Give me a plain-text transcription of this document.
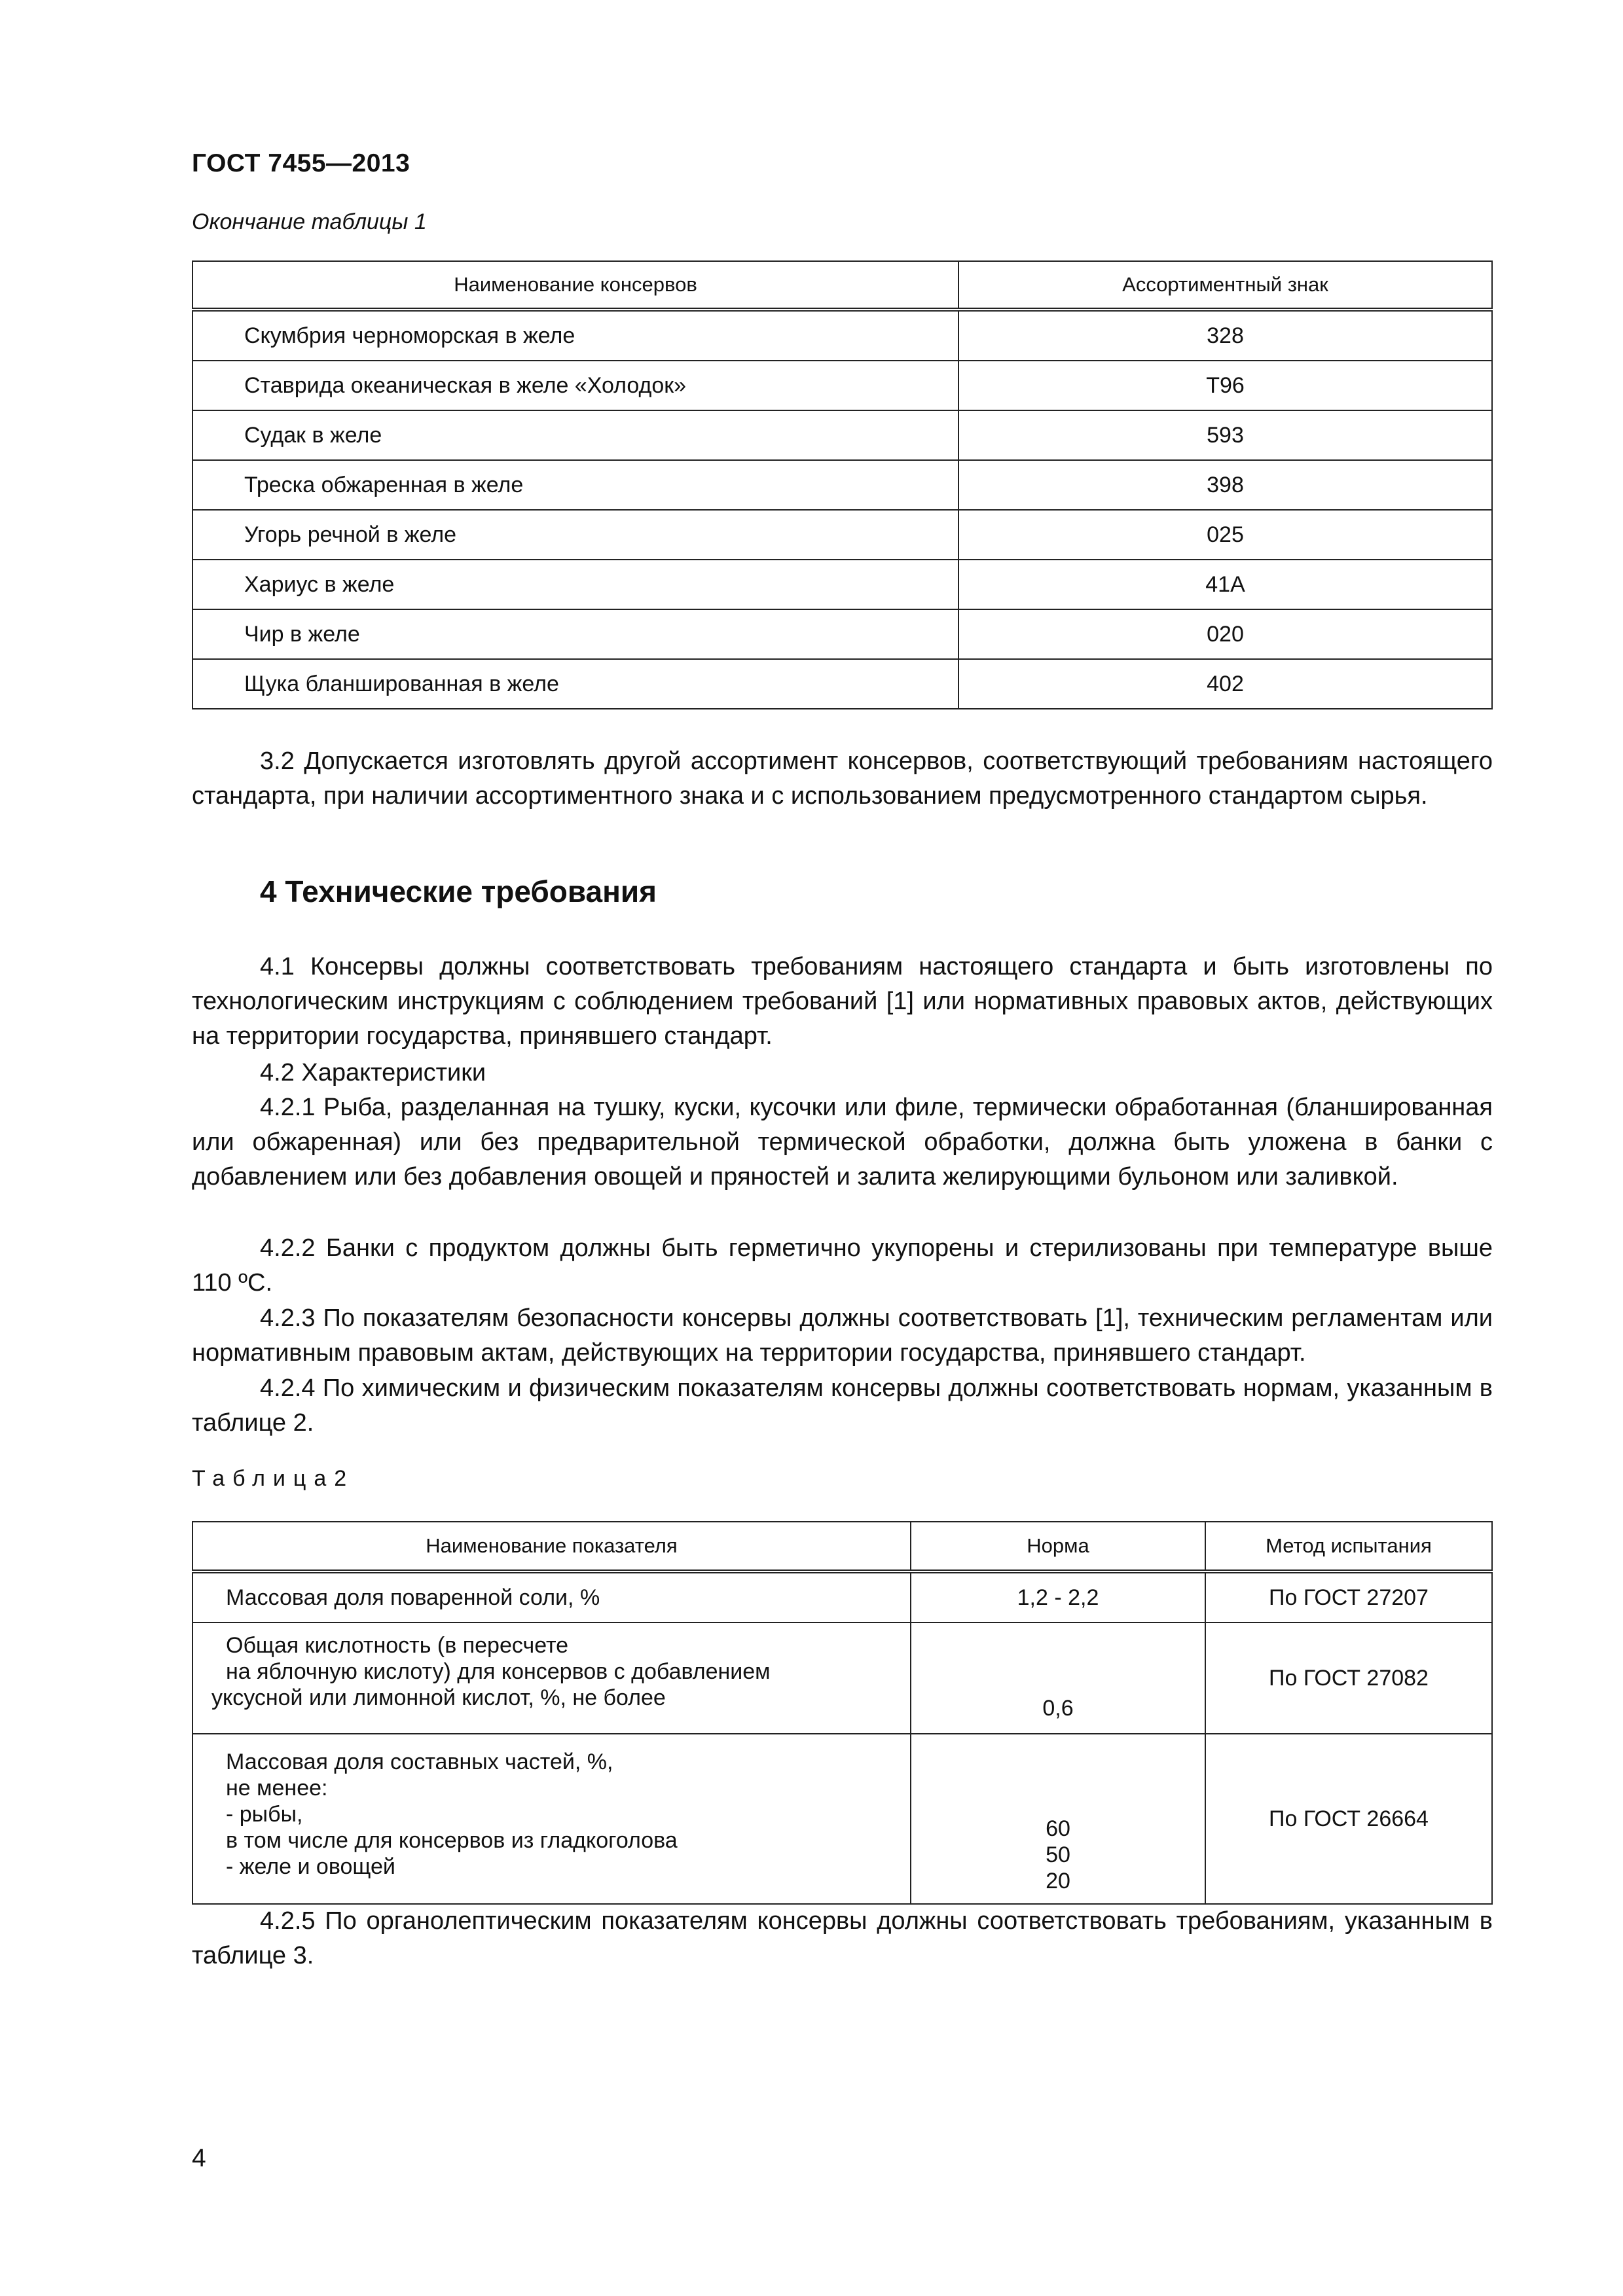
ГОСТ 7455—2013
Окончание таблицы 1
Наименование консервов	Ассортиментный знак
Скумбрия черноморская в желе	328
Ставрида океаническая в желе «Холодок»	Т96
Судак в желе	593
Треска обжаренная в желе	398
Угорь речной в желе	025
Хариус в желе	41А
Чир в желе	020
Щука бланшированная в желе	402
3.2 Допускается изготовлять другой ассортимент консервов, соответствующий требованиям настоящего стандарта, при наличии ассортиментного знака и с использованием предусмотренного стандартом сырья.
4 Технические требования
4.1 Консервы должны соответствовать требованиям настоящего стандарта и быть изготовлены по технологическим инструкциям с соблюдением требований [1] или нормативных правовых актов, действующих на территории государства, принявшего стандарт.
4.2 Характеристики
4.2.1 Рыба, разделанная на тушку, куски, кусочки или филе, термически обработанная (бланшированная или обжаренная) или без предварительной термической обработки, должна быть уложена в банки с добавлением или без добавления овощей и пряностей и залита желирующими бульоном или заливкой.
4.2.2 Банки с продуктом должны быть герметично укупорены и стерилизованы при температуре выше 110 ºС.
4.2.3 По показателям безопасности консервы должны соответствовать [1], техническим регламентам или нормативным правовым актам, действующих на территории государства, принявшего стандарт.
4.2.4 По химическим и физическим показателям консервы должны соответствовать нормам, указанным в таблице 2.
Таблица2
Наименование показателя	Норма	Метод испытания
Массовая доля поваренной соли, %	1,2 - 2,2	По ГОСТ 27207

Общая кислотность (в пересчете
на яблочную кислоту) для консервов с добавлением
уксусной или лимонной кислот, %, не более	0,6	По ГОСТ 27082

Массовая доля составных частей, %,
не менее:
- рыбы,
в том числе для консервов из гладкоголова
- желе и овощей	60
50
20	По ГОСТ 26664
4.2.5 По органолептическим показателям консервы должны соответствовать требованиям, указанным в таблице 3.
4
